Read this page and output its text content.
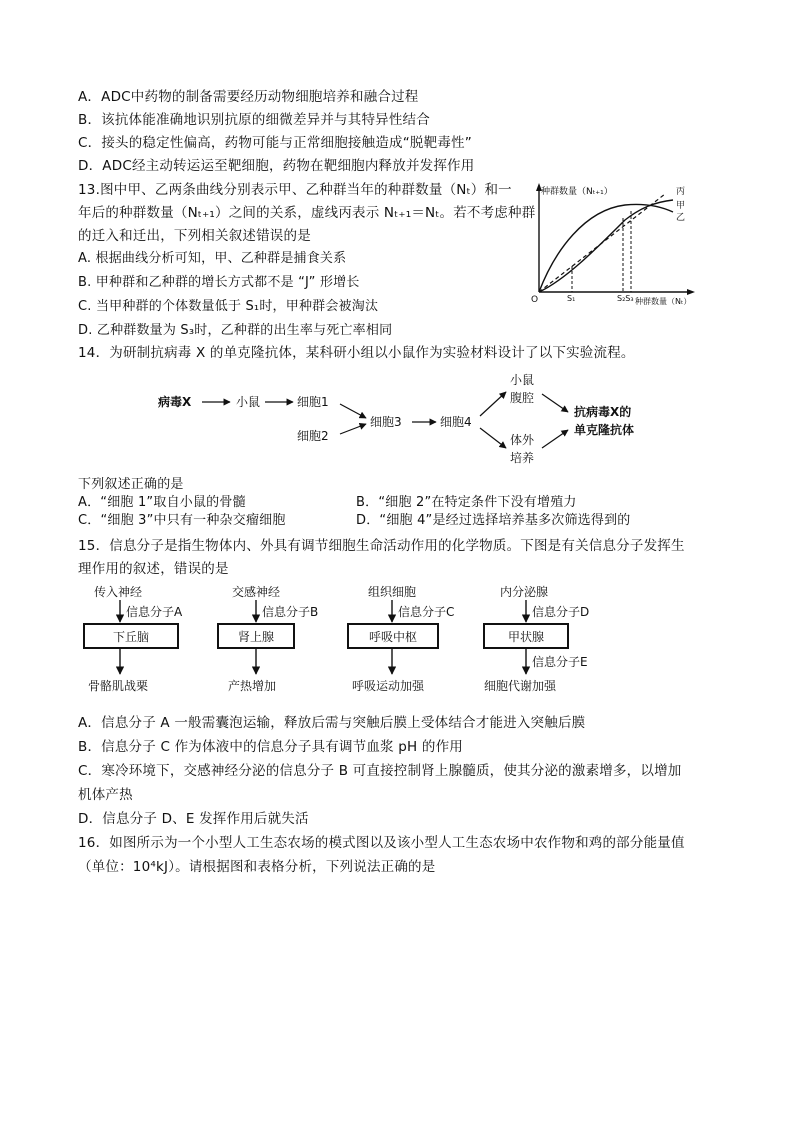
A．ADC中药物的制备需要经历动物细胞培养和融合过程
B．该抗体能准确地识别抗原的细微差异并与其特异性结合
C．接头的稳定性偏高，药物可能与正常细胞接触造成“脱靶毒性”
D．ADC经主动转运运至靶细胞，药物在靶细胞内释放并发挥作用
13.图中甲、乙两条曲线分别表示甲、乙种群当年的种群数量（Nₜ）和一
年后的种群数量（Nₜ₊₁）之间的关系，虚线丙表示 Nₜ₊₁＝Nₜ。若不考虑种群
的迁入和迁出，下列相关叙述错误的是
A. 根据曲线分析可知，甲、乙种群是捕食关系
B. 甲种群和乙种群的增长方式都不是 “J” 形增长
C. 当甲种群的个体数量低于 S₁时，甲种群会被淘汰
D. 乙种群数量为 S₃时，乙种群的出生率与死亡率相同
种群数量（Nₜ₊₁）
O	种群数量（Nₜ）
S₁	S₂S₃
丙
甲
乙
14．为研制抗病毒 X 的单克隆抗体，某科研小组以小鼠作为实验材料设计了以下实验流程。
病毒X	小鼠	细胞1
细胞2
细胞3	细胞4
小鼠
腹腔
体外
培养
抗病毒X的
单克隆抗体
下列叙述正确的是
A．“细胞 1”取自小鼠的骨髓	B．“细胞 2”在特定条件下没有增殖力
C．“细胞 3”中只有一种杂交瘤细胞	D．“细胞 4”是经过选择培养基多次筛选得到的
15．信息分子是指生物体内、外具有调节细胞生命活动作用的化学物质。下图是有关信息分子发挥生
理作用的叙述，错误的是
传入神经
信息分子A
下丘脑
骨骼肌战栗
交感神经
信息分子B
肾上腺
产热增加
组织细胞
信息分子C
呼吸中枢
呼吸运动加强
内分泌腺
信息分子D
甲状腺
信息分子E
细胞代谢加强
A．信息分子 A 一般需囊泡运输，释放后需与突触后膜上受体结合才能进入突触后膜
B．信息分子 C 作为体液中的信息分子具有调节血浆 pH 的作用
C．寒冷环境下，交感神经分泌的信息分子 B 可直接控制肾上腺髓质，使其分泌的激素增多，以增加
机体产热
D．信息分子 D、E 发挥作用后就失活
16．如图所示为一个小型人工生态农场的模式图以及该小型人工生态农场中农作物和鸡的部分能量值
（单位：10⁴kJ）。请根据图和表格分析，下列说法正确的是
